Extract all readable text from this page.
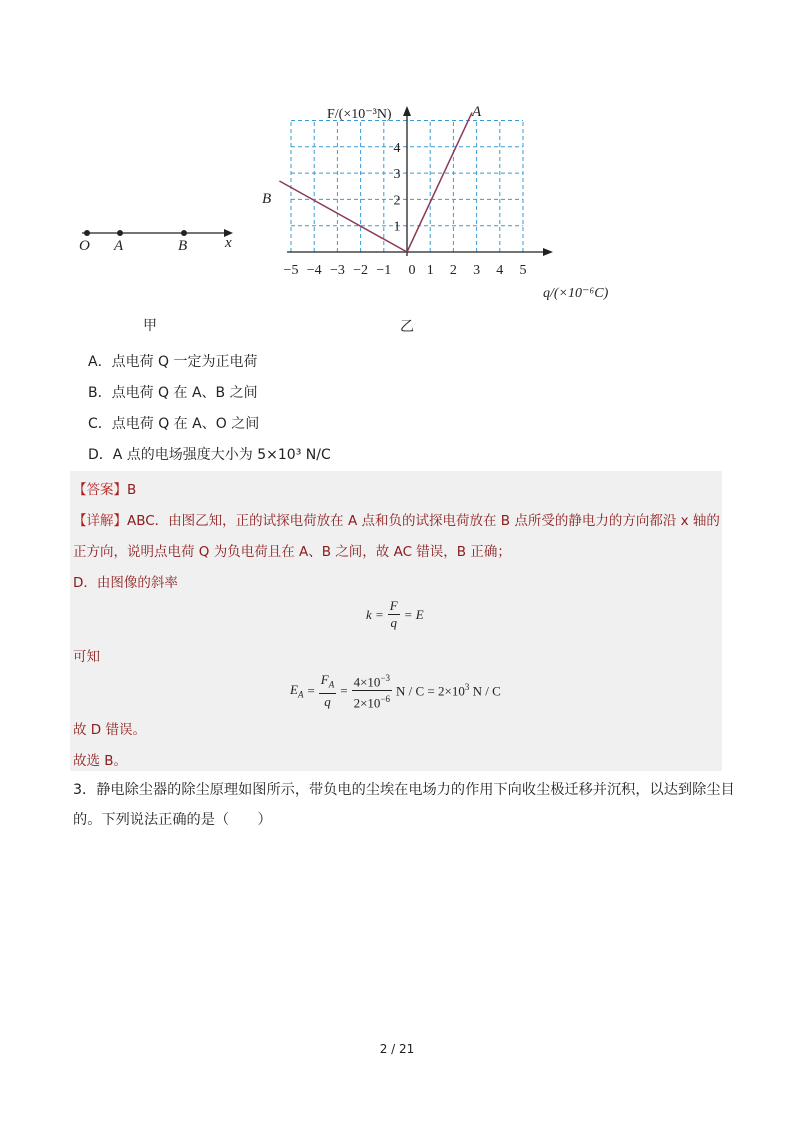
O A	B	x
甲
−5 −4 −3 −2 −1 0 1 2 3 4 5
1
2
3
4
F/(×10⁻³N)
q/(×10⁻⁶C)
A
B
乙
A．点电荷 Q 一定为正电荷
B．点电荷 Q 在 A、B 之间
C．点电荷 Q 在 A、O 之间
D．A 点的电场强度大小为 5×10³ N/C
【答案】B
【详解】ABC．由图乙知，正的试探电荷放在 A 点和负的试探电荷放在 B 点所受的静电力的方向都沿 x 轴的
正方向，说明点电荷 Q 为负电荷且在 A、B 之间，故 AC 错误，B 正确；
D．由图像的斜率
$k = \frac{F}{q} = E$
可知
$E_A = \frac{F_A}{q} = \frac{4\times 10^{-3}}{2\times 10^{-6}}$ $N / C = 2\times 10^3$ N / C
故 D 错误。
故选 B。
3．静电除尘器的除尘原理如图所示，带负电的尘埃在电场力的作用下向收尘极迁移并沉积，以达到除尘目
的。下列说法正确的是（　　）
2 / 21
